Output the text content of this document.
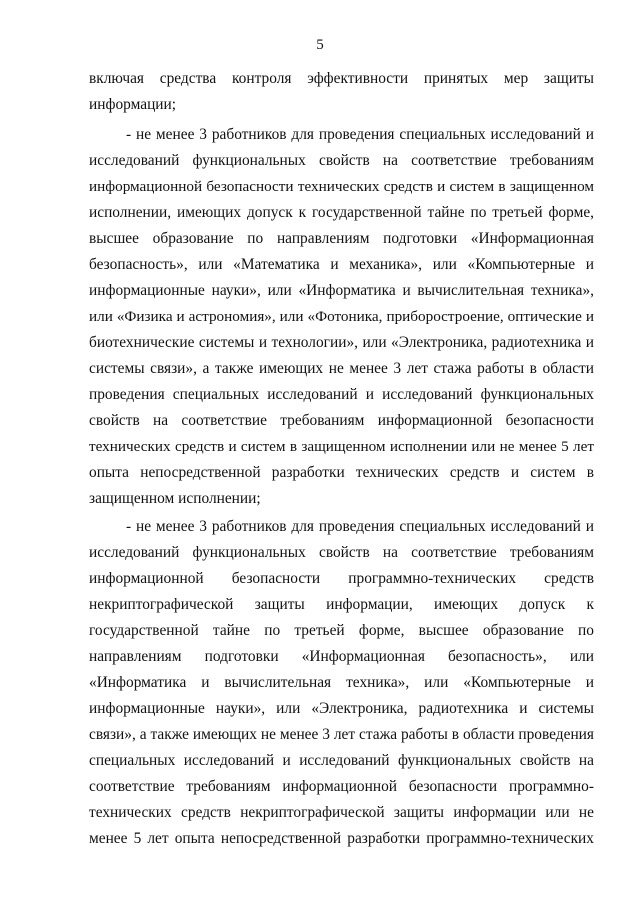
5
включая средства контроля эффективности принятых мер защиты
информации;
- не менее 3 работников для проведения специальных исследований и
исследований функциональных свойств на соответствие требованиям
информационной безопасности технических средств и систем в защищенном
исполнении, имеющих допуск к государственной тайне по третьей форме,
высшее образование по направлениям подготовки «Информационная
безопасность», или «Математика и механика», или «Компьютерные и
информационные науки», или «Информатика и вычислительная техника»,
или «Физика и астрономия», или «Фотоника, приборостроение, оптические и
биотехнические системы и технологии», или «Электроника, радиотехника и
системы связи», а также имеющих не менее 3 лет стажа работы в области
проведения специальных исследований и исследований функциональных
свойств на соответствие требованиям информационной безопасности
технических средств и систем в защищенном исполнении или не менее 5 лет
опыта непосредственной разработки технических средств и систем в
защищенном исполнении;
- не менее 3 работников для проведения специальных исследований и
исследований функциональных свойств на соответствие требованиям
информационной безопасности программно-технических средств
некриптографической защиты информации, имеющих допуск к
государственной тайне по третьей форме, высшее образование по
направлениям подготовки «Информационная безопасность», или
«Информатика и вычислительная техника», или «Компьютерные и
информационные науки», или «Электроника, радиотехника и системы
связи», а также имеющих не менее 3 лет стажа работы в области проведения
специальных исследований и исследований функциональных свойств на
соответствие требованиям информационной безопасности программно-
технических средств некриптографической защиты информации или не
менее 5 лет опыта непосредственной разработки программно-технических
